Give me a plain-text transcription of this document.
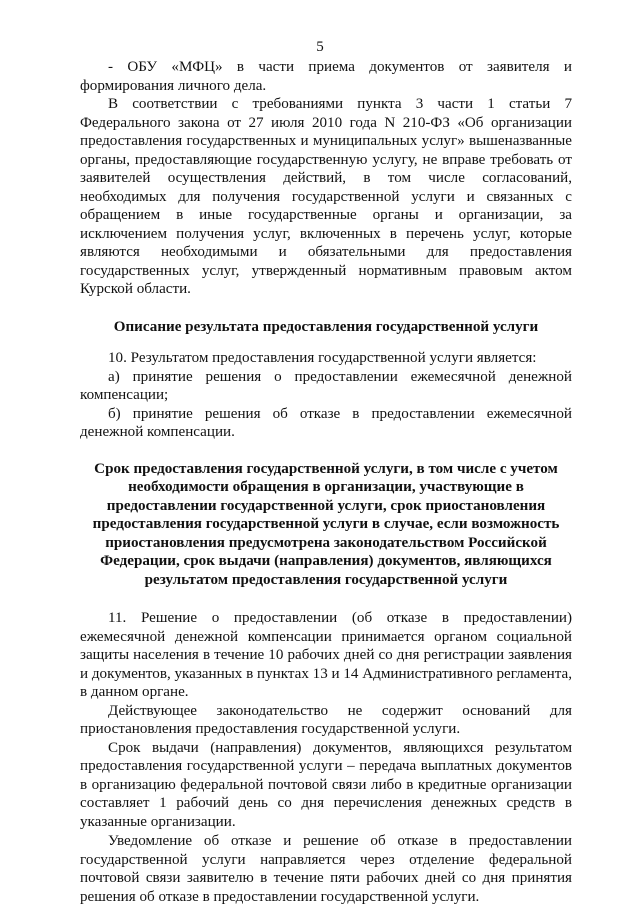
5

- ОБУ «МФЦ» в части приема документов от заявителя и формирования личного дела.

В соответствии с требованиями пункта 3 части 1 статьи 7 Федерального закона от 27 июля 2010 года N 210-ФЗ «Об организации предоставления государственных и муниципальных услуг» вышеназванные органы, предоставляющие государственную услугу, не вправе требовать от заявителей осуществления действий, в том числе согласований, необходимых для получения государственной услуги и связанных с обращением в иные государственные органы и организации, за исключением получения услуг, включенных в перечень услуг, которые являются необходимыми и обязательными для предоставления государственных услуг, утвержденный нормативным правовым актом Курской области.

Описание результата предоставления государственной услуги

10. Результатом предоставления государственной услуги является:

а) принятие решения о предоставлении ежемесячной денежной компенсации;

б) принятие решения об отказе в предоставлении ежемесячной денежной компенсации.

Срок предоставления государственной услуги, в том числе с учетом необходимости обращения в организации, участвующие в предоставлении государственной услуги, срок приостановления предоставления государственной услуги в случае, если возможность приостановления предусмотрена законодательством Российской Федерации, срок выдачи (направления) документов, являющихся результатом предоставления государственной услуги

11. Решение о предоставлении (об отказе в предоставлении) ежемесячной денежной компенсации принимается органом социальной защиты населения в течение 10 рабочих дней со дня регистрации заявления и документов, указанных в пунктах 13 и 14 Административного регламента, в данном органе.

Действующее законодательство не содержит оснований для приостановления предоставления государственной услуги.

Срок выдачи (направления) документов, являющихся результатом предоставления государственной услуги – передача выплатных документов в организацию федеральной почтовой связи либо в кредитные организации составляет 1 рабочий день со дня перечисления денежных средств в указанные организации.

Уведомление об отказе и решение об отказе в предоставлении государственной услуги направляется через отделение федеральной почтовой связи заявителю в течение пяти рабочих дней со дня принятия решения об отказе в предоставлении государственной услуги.
